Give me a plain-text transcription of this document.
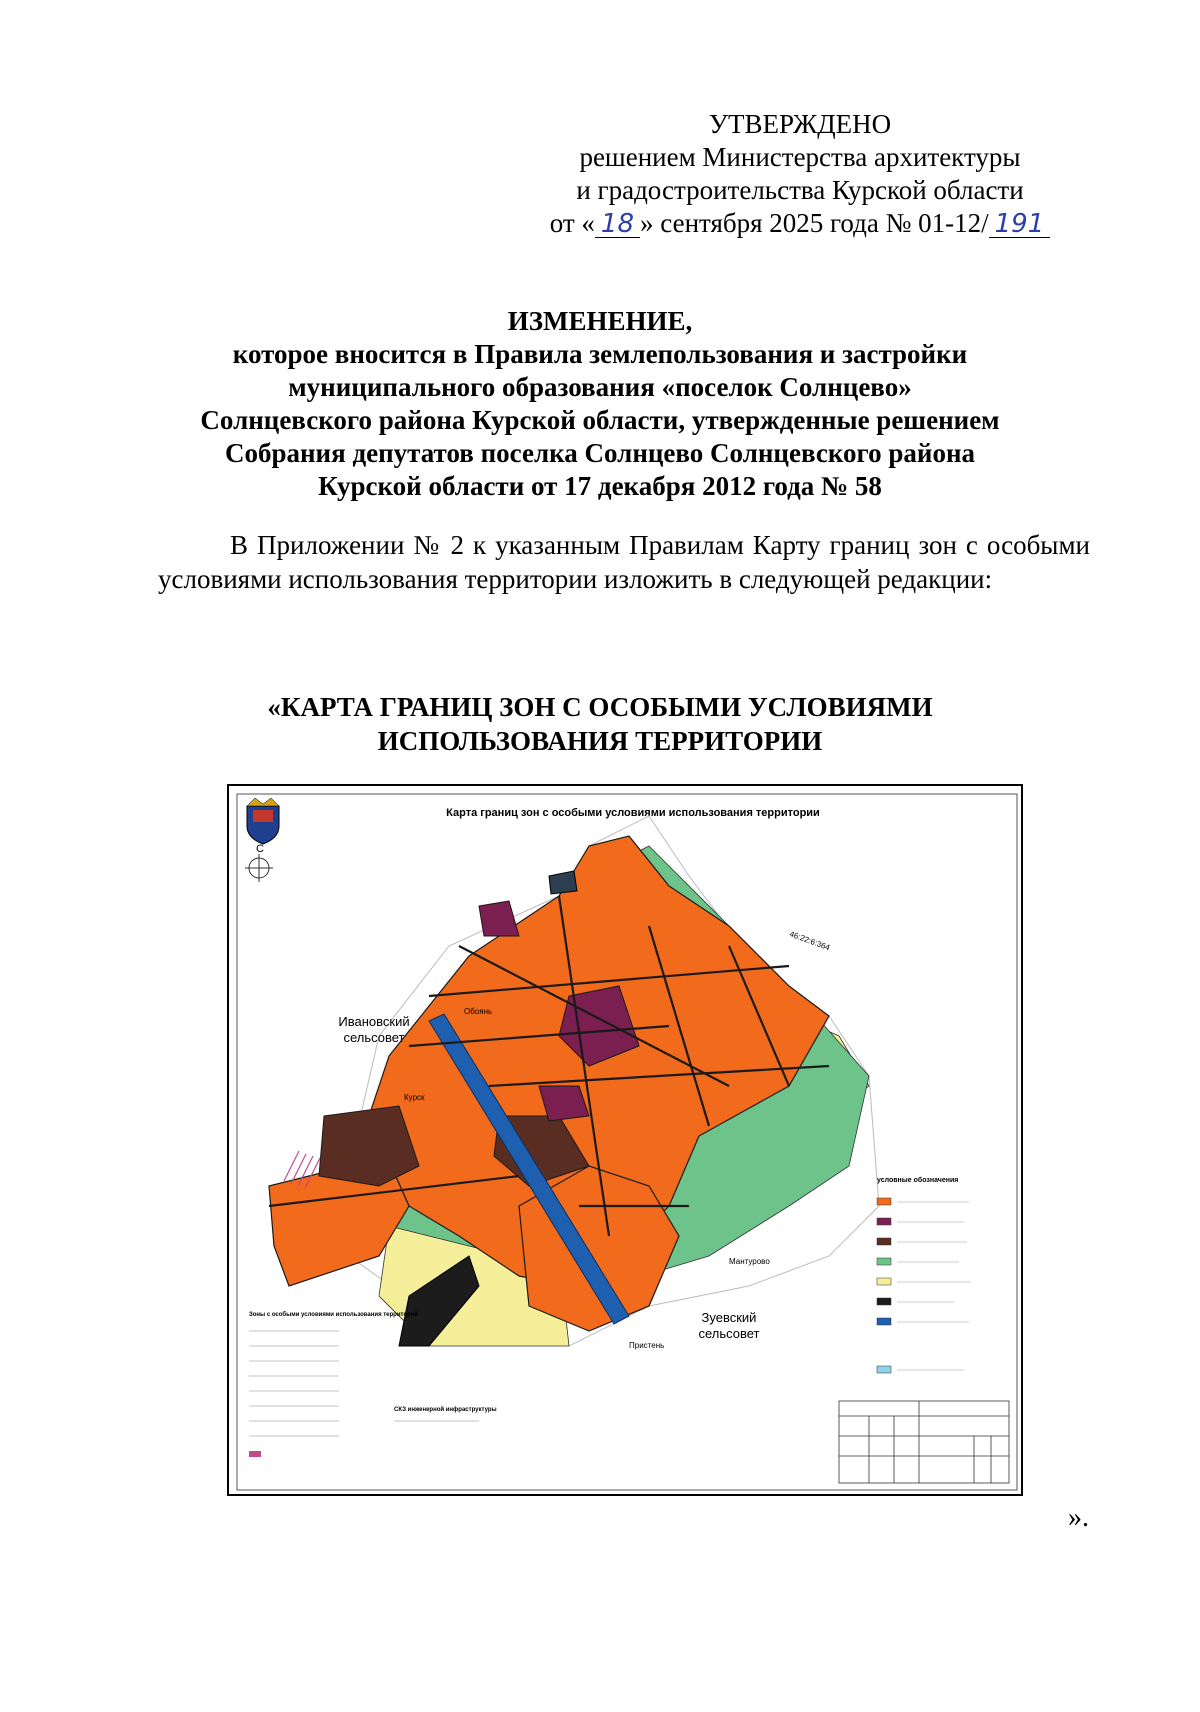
УТВЕРЖДЕНО
решением Министерства архитектуры
и градостроительства Курской области
от « 18 » сентября 2025 года № 01-12/ 191
ИЗМЕНЕНИЕ,
которое вносится в Правила землепользования и застройки
муниципального образования «поселок Солнцево»
Солнцевского района Курской области, утвержденные решением
Собрания депутатов поселка Солнцево Солнцевского района
Курской области от 17 декабря 2012 года № 58
В Приложении № 2 к указанным Правилам Карту границ зон с особыми условиями использования территории изложить в следующей редакции:
«КАРТА ГРАНИЦ ЗОН С ОСОБЫМИ УСЛОВИЯМИ
ИСПОЛЬЗОВАНИЯ ТЕРРИТОРИИ
Карта границ зон с особыми условиями использования территории
С
Ивановский
сельсовет
Зуевский
сельсовет
Курск
Обоянь
Пристень
Мантурово
46:22:6:364
условные обозначения
Зоны с особыми условиями использования территорий
СКЗ инженерной инфраструктуры
».
